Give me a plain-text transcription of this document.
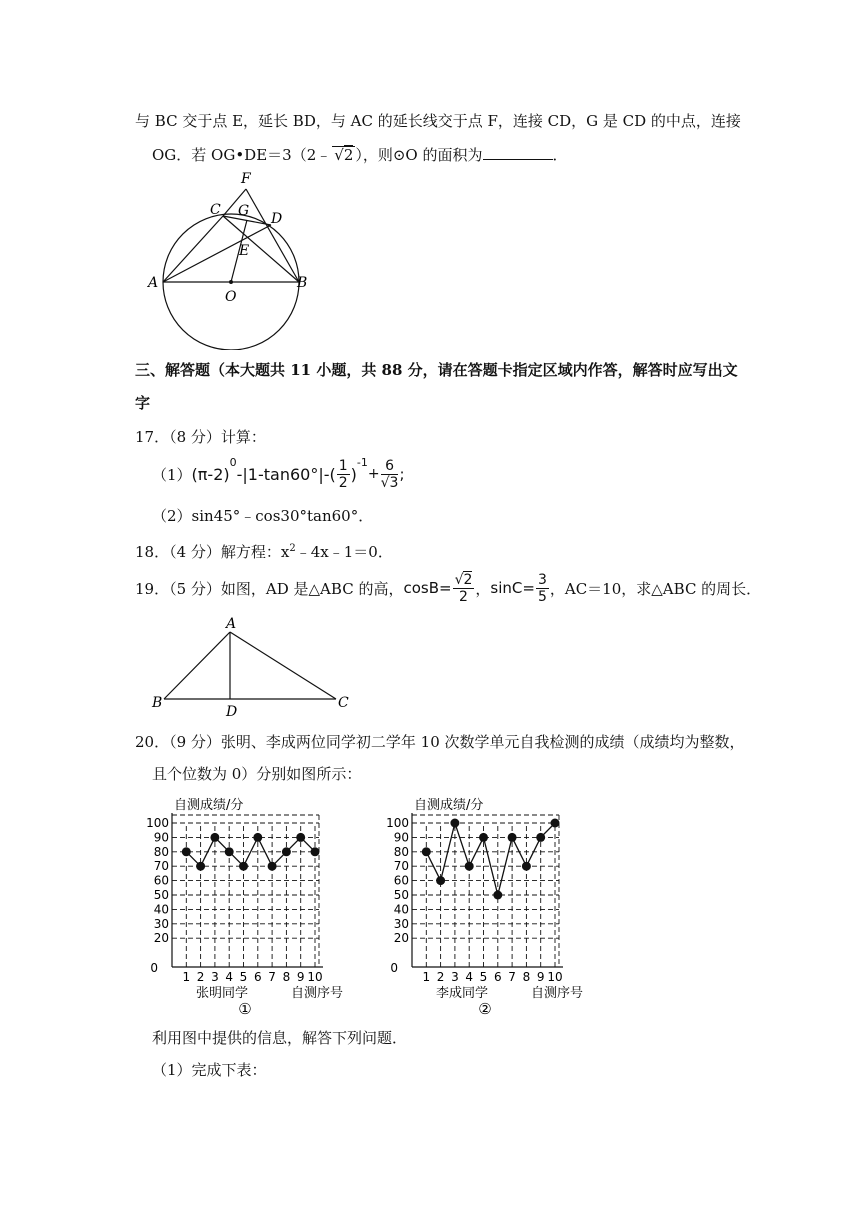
与 BC 交于点 E，延长 BD，与 AC 的延长线交于点 F，连接 CD，G 是 CD 的中点，连接
OG．若 OG•DE＝3（2﹣ √2 ），则⊙O 的面积为	．
F
C G D
E
A
O
B
三、解答题（本大题共 11 小题，共 88 分，请在答题卡指定区域内作答，解答时应写出文
字
17．（8 分）计算：
（1） (π-2)
$^0$
$-|1-\tan 60^\circ|-( \frac{1}{2}$ )
$^{-1}$
+ $\frac{6}{√3}$ ;
（2）sin45°﹣cos30°tan60°．
18．（4 分）解方程：$x^2﹣4x﹣1=0$．
19．（5 分）如图，AD 是△ABC 的高， $\cos B= \frac{√2}{2}$ ， $\sin C= \frac{3}{5}$ ，AC＝10，求△ABC 的周长．
A
B
D
C
20．（9 分）张明、李成两位同学初二学年 10 次数学单元自我检测的成绩（成绩均为整数，
且个位数为 0）分别如图所示：
20
30
40
50
60
70
80
90
100
0
1 2 3 4 5 6 7 8 9 10
自测成绩/分
自测序号
张明同学
①
20
30
40
50
60
70
80
90
100
0
1 2 3 4 5 6 7 8 9 10
自测成绩/分
自测序号
李成同学
②
利用图中提供的信息，解答下列问题．
（1）完成下表：
